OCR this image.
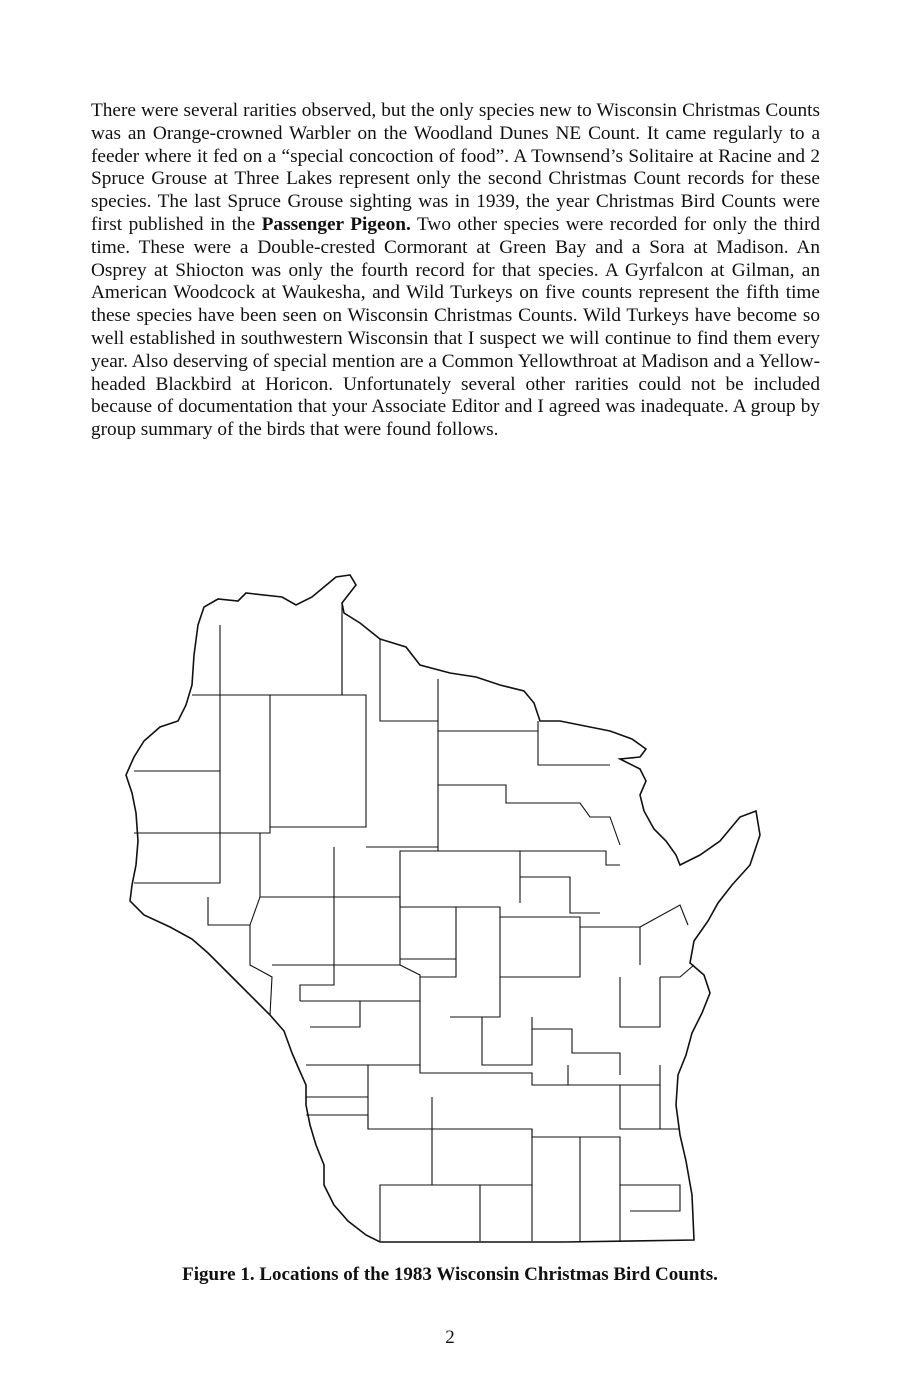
There were several rarities observed, but the only species new to Wisconsin Christmas Counts was an Orange-crowned Warbler on the Woodland Dunes NE Count. It came regularly to a feeder where it fed on a “special concoction of food”. A Townsend’s Solitaire at Racine and 2 Spruce Grouse at Three Lakes represent only the second Christmas Count records for these species. The last Spruce Grouse sighting was in 1939, the year Christmas Bird Counts were first published in the Passenger Pigeon. Two other species were recorded for only the third time. These were a Double-crested Cormorant at Green Bay and a Sora at Madison. An Osprey at Shiocton was only the fourth record for that species. A Gyrfalcon at Gilman, an American Woodcock at Waukesha, and Wild Turkeys on five counts represent the fifth time these species have been seen on Wisconsin Christmas Counts. Wild Turkeys have become so well established in southwestern Wisconsin that I suspect we will continue to find them every year. Also deserving of special mention are a Common Yellowthroat at Madison and a Yellow-headed Blackbird at Horicon. Unfortunately several other rarities could not be included because of documentation that your Associate Editor and I agreed was inadequate. A group by group summary of the birds that were found follows.

Figure 1. Locations of the 1983 Wisconsin Christmas Bird Counts.

2
